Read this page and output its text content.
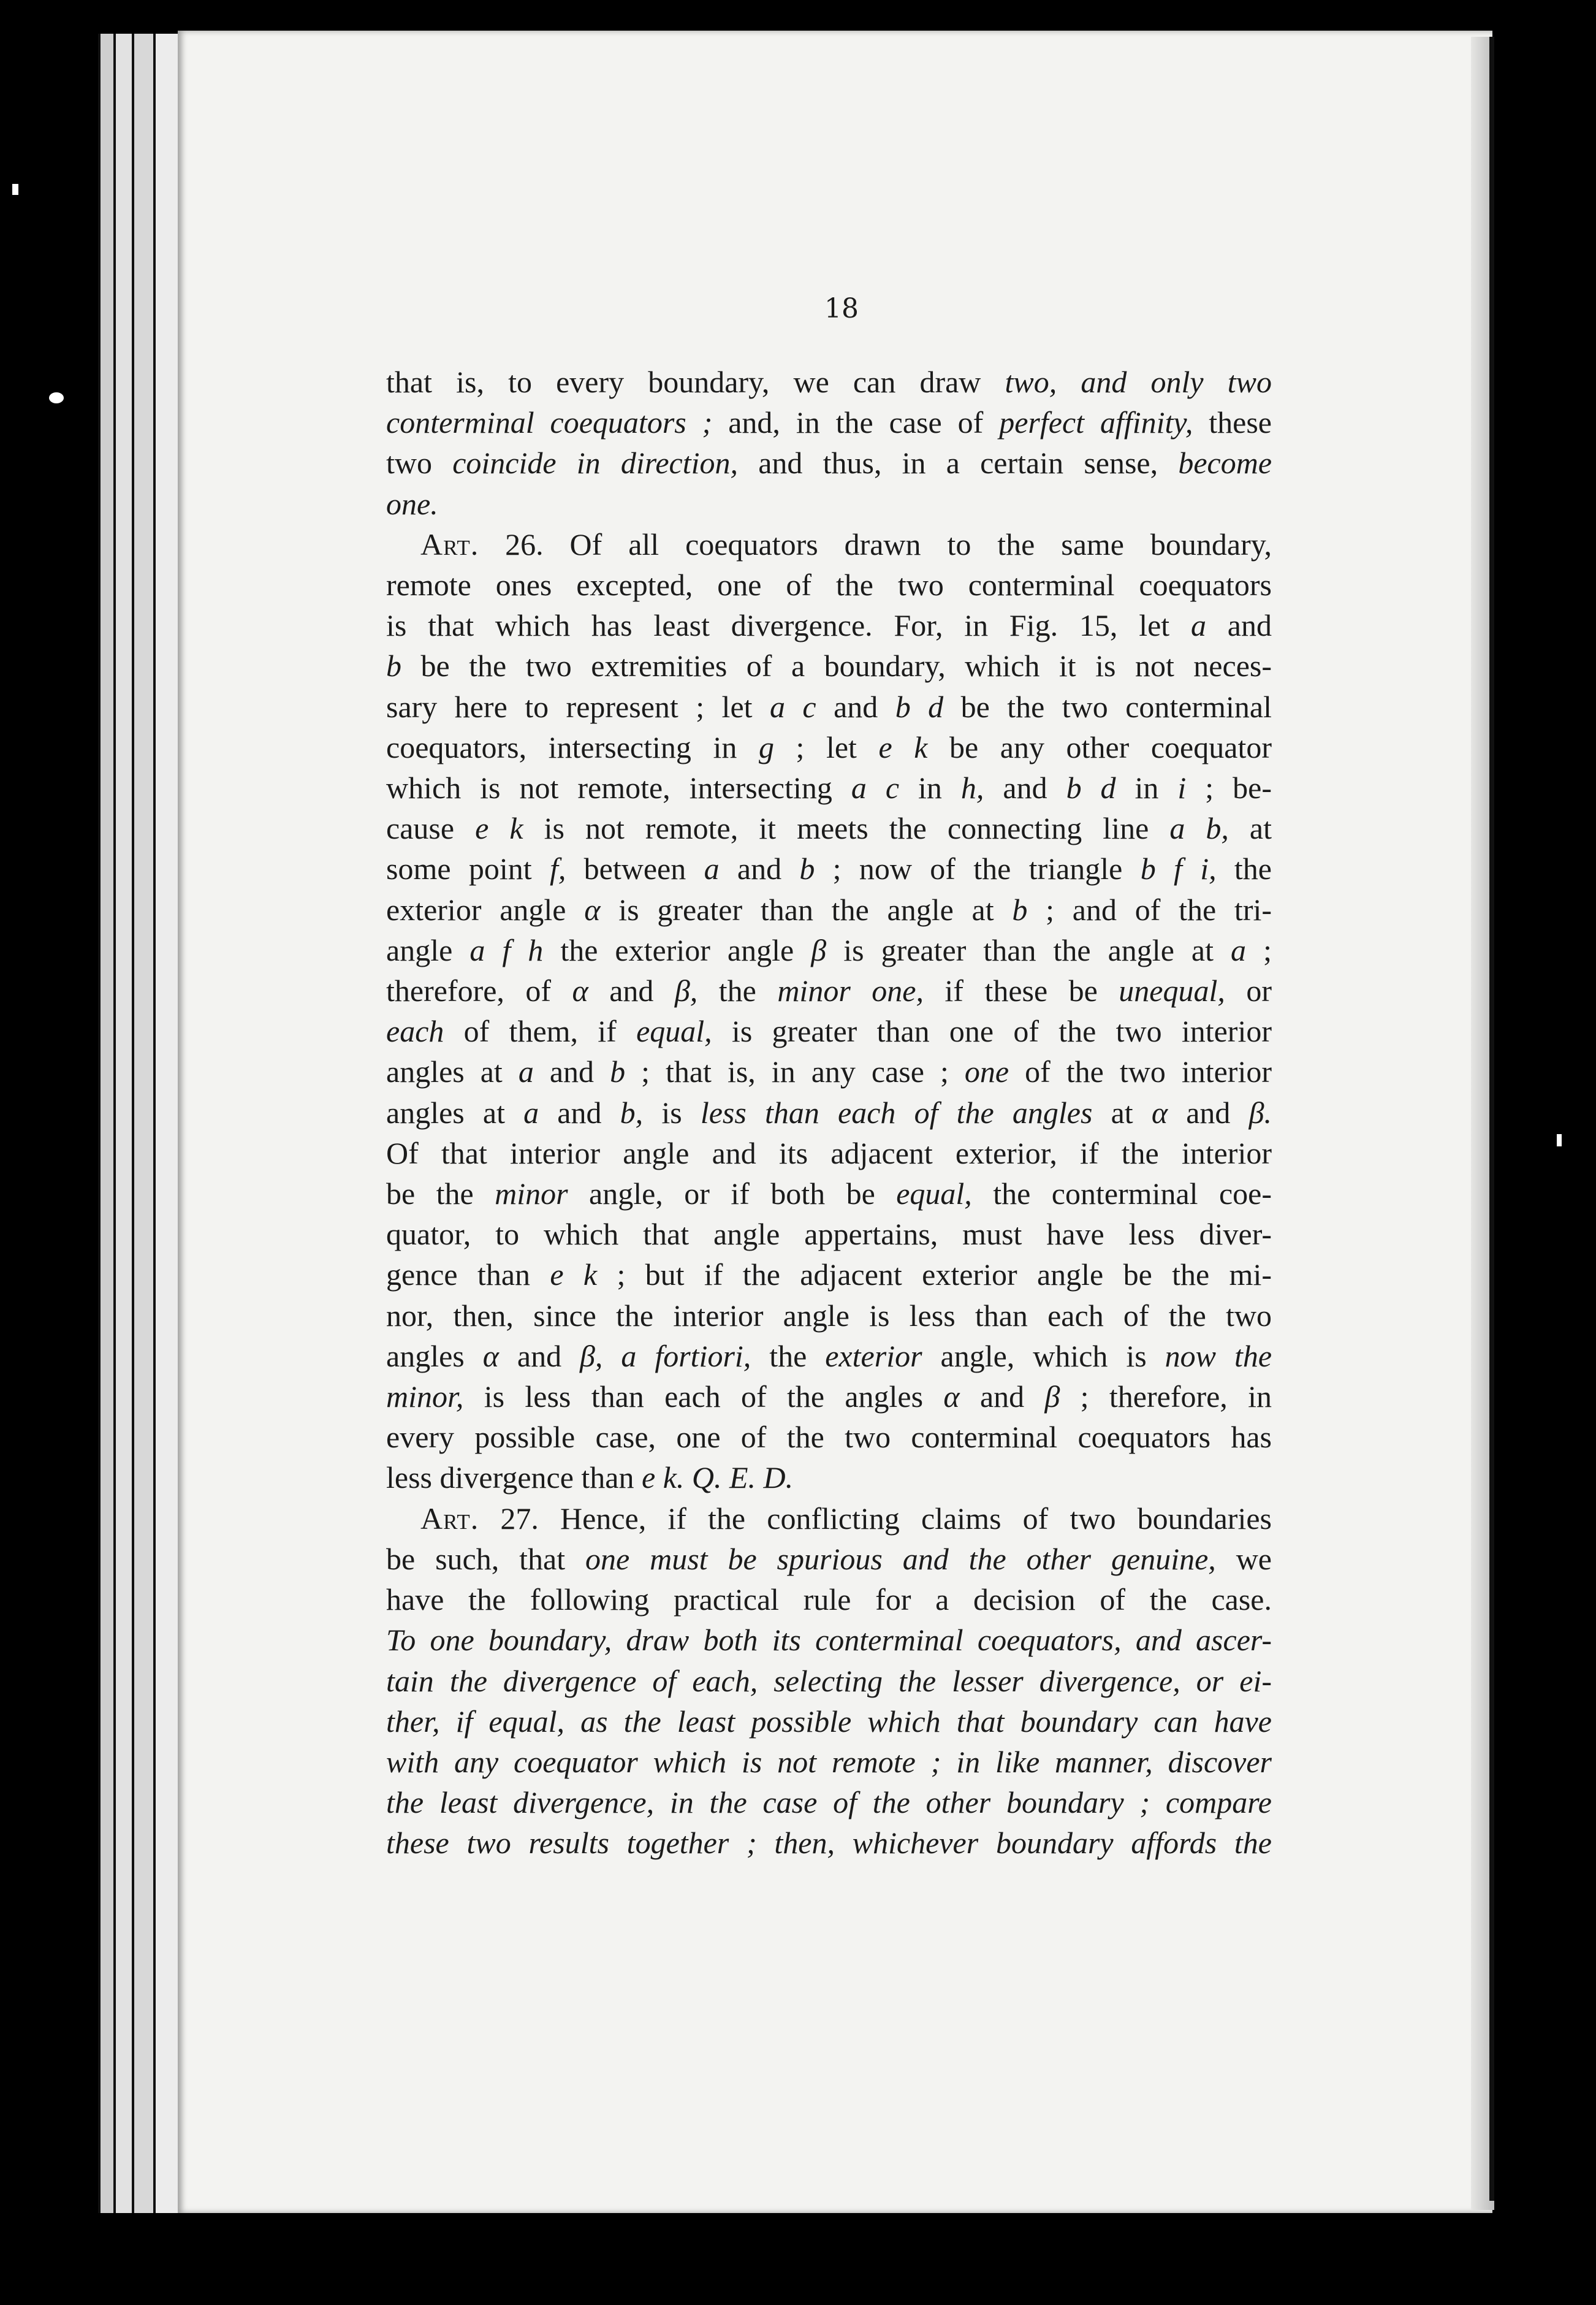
18
that is, to every boundary, we can draw two, and only two
conterminal coequators ; and, in the case of perfect affinity, these
two coincide in direction, and thus, in a certain sense, become
one.
Art. 26. Of all coequators drawn to the same boundary,
remote ones excepted, one of the two conterminal coequators
is that which has least divergence. For, in Fig. 15, let a and
b be the two extremities of a boundary, which it is not neces-
sary here to represent ; let a c and b d be the two conterminal
coequators, intersecting in g ; let e k be any other coequator
which is not remote, intersecting a c in h, and b d in i ; be-
cause e k is not remote, it meets the connecting line a b, at
some point f, between a and b ; now of the triangle b f i, the
exterior angle α is greater than the angle at b ; and of the tri-
angle a f h the exterior angle β is greater than the angle at a ;
therefore, of α and β, the minor one, if these be unequal, or
each of them, if equal, is greater than one of the two interior
angles at a and b ; that is, in any case ; one of the two interior
angles at a and b, is less than each of the angles at α and β.
Of that interior angle and its adjacent exterior, if the interior
be the minor angle, or if both be equal, the conterminal coe-
quator, to which that angle appertains, must have less diver-
gence than e k ; but if the adjacent exterior angle be the mi-
nor, then, since the interior angle is less than each of the two
angles α and β, a fortiori, the exterior angle, which is now the
minor, is less than each of the angles α and β ; therefore, in
every possible case, one of the two conterminal coequators has
less divergence than e k. Q. E. D.
Art. 27. Hence, if the conflicting claims of two boundaries
be such, that one must be spurious and the other genuine, we
have the following practical rule for a decision of the case.
To one boundary, draw both its conterminal coequators, and ascer-
tain the divergence of each, selecting the lesser divergence, or ei-
ther, if equal, as the least possible which that boundary can have
with any coequator which is not remote ; in like manner, discover
the least divergence, in the case of the other boundary ; compare
these two results together ; then, whichever boundary affords the
